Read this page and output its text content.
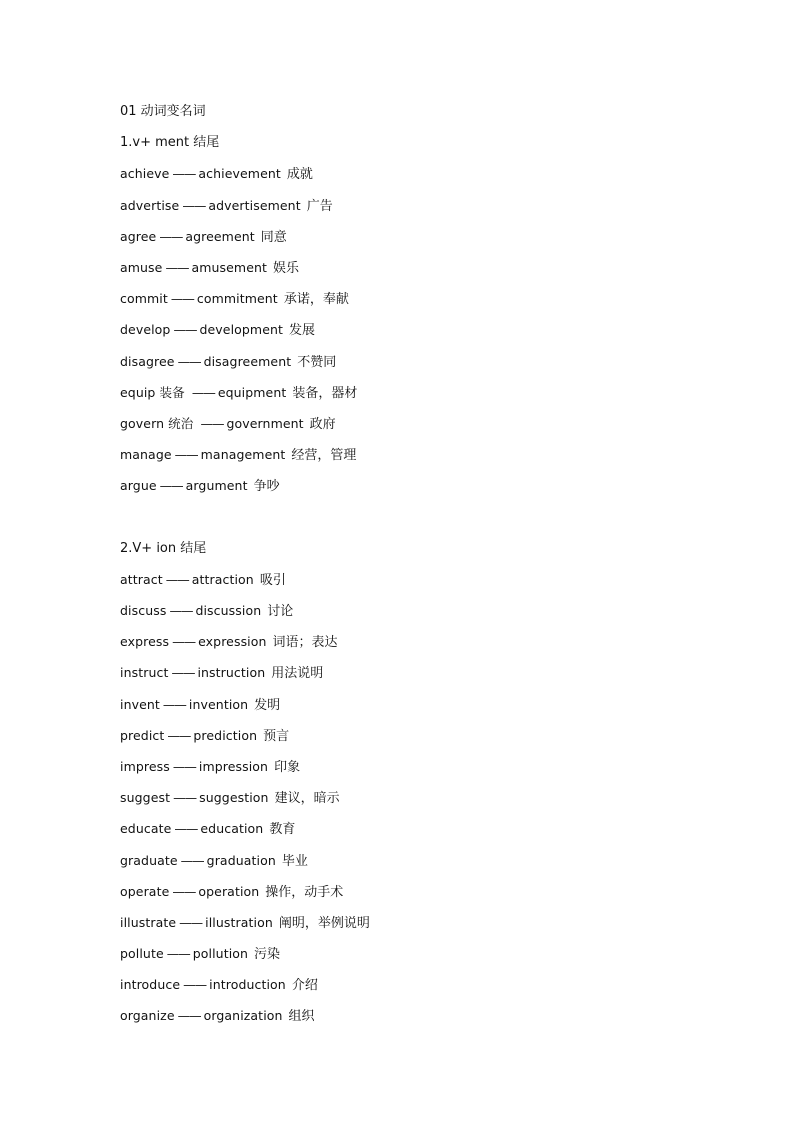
01 动词变名词
1.v+ ment 结尾
achieve —— achievement 成就
advertise —— advertisement 广告
agree —— agreement 同意
amuse —— amusement 娱乐
commit —— commitment 承诺，奉献
develop —— development 发展
disagree —— disagreement 不赞同
equip 装备 —— equipment 装备，器材
govern 统治 —— government 政府
manage —— management 经营，管理
argue —— argument 争吵
2.V+ ion 结尾
attract —— attraction 吸引
discuss —— discussion 讨论
express —— expression 词语；表达
instruct —— instruction 用法说明
invent —— invention 发明
predict —— prediction 预言
impress —— impression 印象
suggest —— suggestion 建议，暗示
educate —— education 教育
graduate —— graduation 毕业
operate —— operation 操作，动手术
illustrate —— illustration 阐明，举例说明
pollute —— pollution 污染
introduce —— introduction 介绍
organize —— organization 组织
